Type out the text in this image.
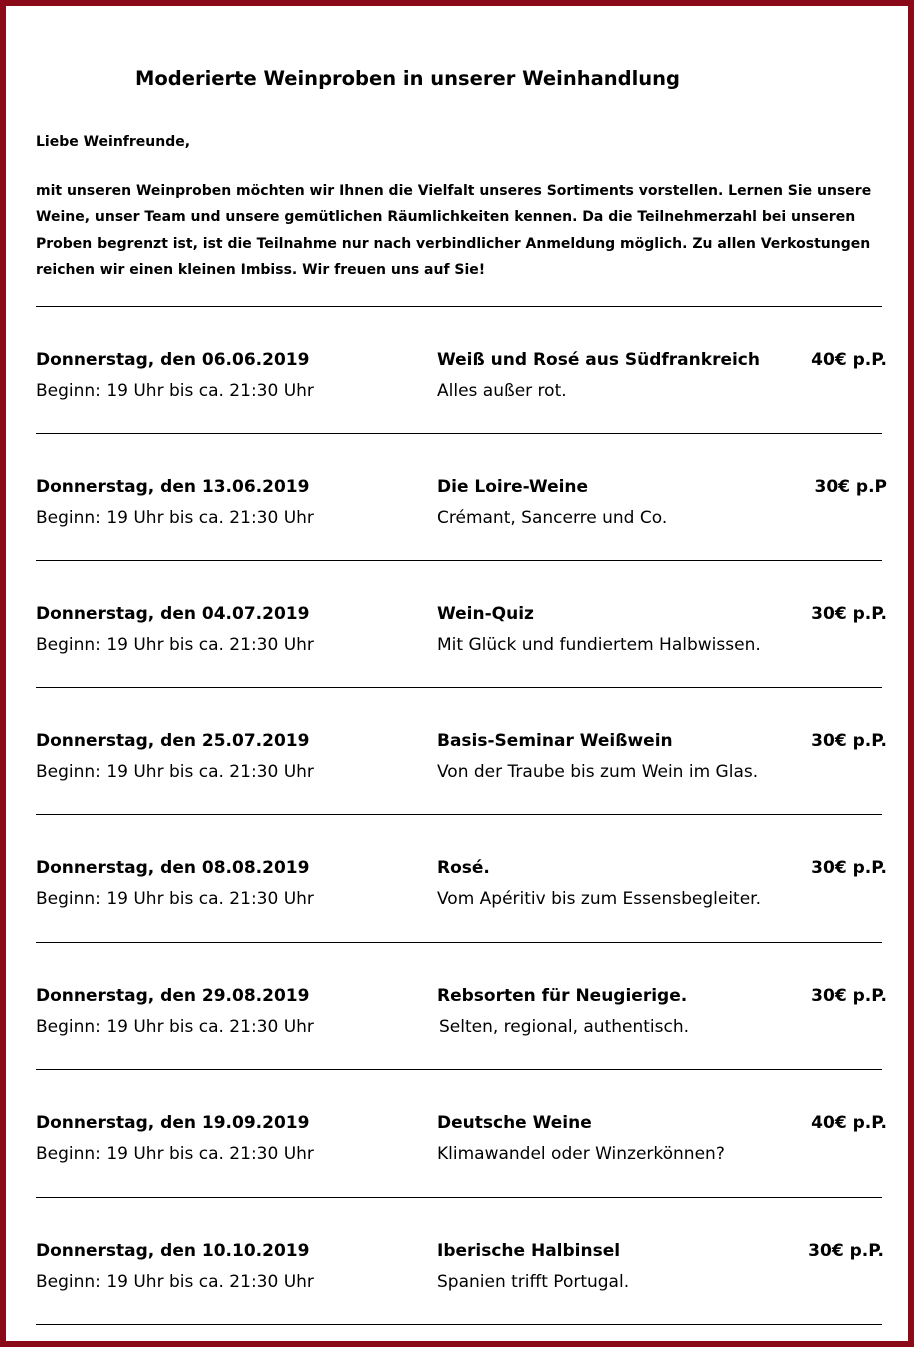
Moderierte Weinproben in unserer Weinhandlung
Liebe Weinfreunde,
mit unseren Weinproben möchten wir Ihnen die Vielfalt unseres Sortiments vorstellen. Lernen Sie unsere Weine, unser Team und unsere gemütlichen Räumlichkeiten kennen. Da die Teilnehmerzahl bei unseren Proben begrenzt ist, ist die Teilnahme nur nach verbindlicher Anmeldung möglich. Zu allen Verkostungen reichen wir einen kleinen Imbiss. Wir freuen uns auf Sie!
Donnerstag, den 06.06.2019
Beginn: 19 Uhr bis ca. 21:30 Uhr
Weiß und Rosé aus Südfrankreich
Alles außer rot.
40€ p.P.
Donnerstag, den 13.06.2019
Beginn: 19 Uhr bis ca. 21:30 Uhr
Die Loire-Weine
Crémant, Sancerre und Co.
30€ p.P
Donnerstag, den 04.07.2019
Beginn: 19 Uhr bis ca. 21:30 Uhr
Wein-Quiz
Mit Glück und fundiertem Halbwissen.
30€ p.P.
Donnerstag, den 25.07.2019
Beginn: 19 Uhr bis ca. 21:30 Uhr
Basis-Seminar Weißwein
Von der Traube bis zum Wein im Glas.
30€ p.P.
Donnerstag, den 08.08.2019
Beginn: 19 Uhr bis ca. 21:30 Uhr
Rosé.
Vom Apéritiv bis zum Essensbegleiter.
30€ p.P.
Donnerstag, den 29.08.2019
Beginn: 19 Uhr bis ca. 21:30 Uhr
Rebsorten für Neugierige.
Selten, regional, authentisch.
30€ p.P.
Donnerstag, den 19.09.2019
Beginn: 19 Uhr bis ca. 21:30 Uhr
Deutsche Weine
Klimawandel oder Winzerkönnen?
40€ p.P.
Donnerstag, den 10.10.2019
Beginn: 19 Uhr bis ca. 21:30 Uhr
Iberische Halbinsel
Spanien trifft Portugal.
30€ p.P.
